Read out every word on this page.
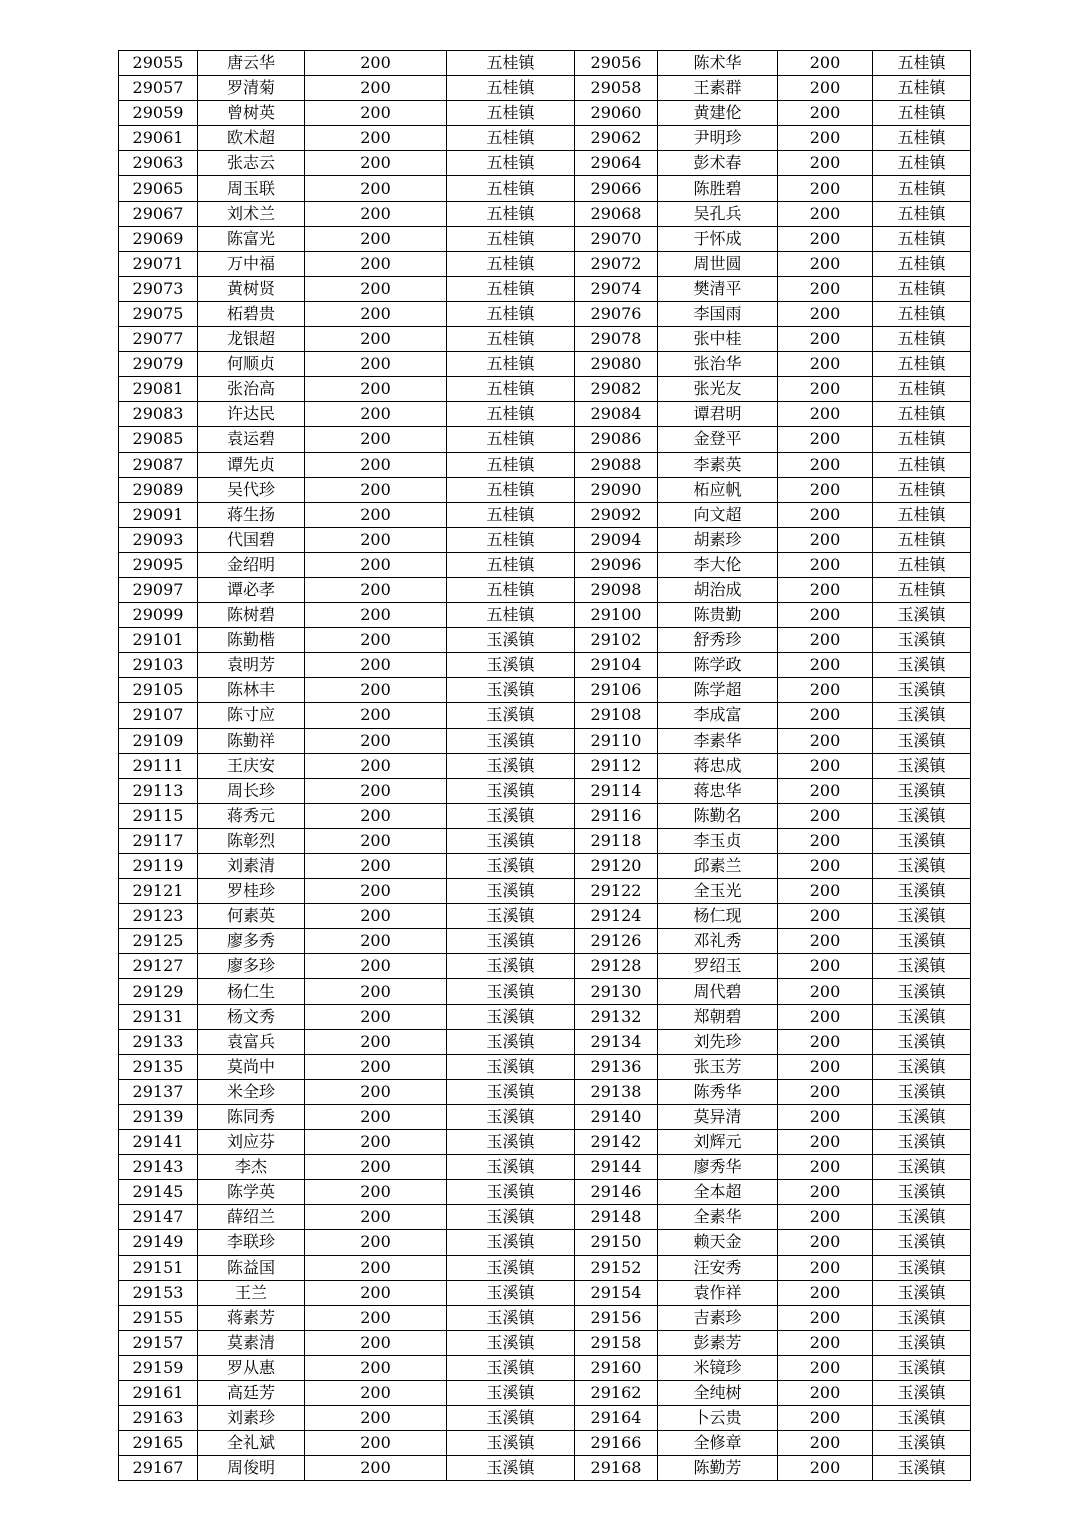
29055	唐云华	200	五桂镇	29056	陈术华	200	五桂镇
29057	罗清菊	200	五桂镇	29058	王素群	200	五桂镇
29059	曾树英	200	五桂镇	29060	黄建伦	200	五桂镇
29061	欧术超	200	五桂镇	29062	尹明珍	200	五桂镇
29063	张志云	200	五桂镇	29064	彭术春	200	五桂镇
29065	周玉联	200	五桂镇	29066	陈胜碧	200	五桂镇
29067	刘术兰	200	五桂镇	29068	吴孔兵	200	五桂镇
29069	陈富光	200	五桂镇	29070	于怀成	200	五桂镇
29071	万中福	200	五桂镇	29072	周世圆	200	五桂镇
29073	黄树贤	200	五桂镇	29074	樊清平	200	五桂镇
29075	柘碧贵	200	五桂镇	29076	李国雨	200	五桂镇
29077	龙银超	200	五桂镇	29078	张中桂	200	五桂镇
29079	何顺贞	200	五桂镇	29080	张治华	200	五桂镇
29081	张治高	200	五桂镇	29082	张光友	200	五桂镇
29083	许达民	200	五桂镇	29084	谭君明	200	五桂镇
29085	袁运碧	200	五桂镇	29086	金登平	200	五桂镇
29087	谭先贞	200	五桂镇	29088	李素英	200	五桂镇
29089	吴代珍	200	五桂镇	29090	柘应帆	200	五桂镇
29091	蒋生扬	200	五桂镇	29092	向文超	200	五桂镇
29093	代国碧	200	五桂镇	29094	胡素珍	200	五桂镇
29095	金绍明	200	五桂镇	29096	李大伦	200	五桂镇
29097	谭必孝	200	五桂镇	29098	胡治成	200	五桂镇
29099	陈树碧	200	五桂镇	29100	陈贵勤	200	玉溪镇
29101	陈勤楷	200	玉溪镇	29102	舒秀珍	200	玉溪镇
29103	袁明芳	200	玉溪镇	29104	陈学政	200	玉溪镇
29105	陈林丰	200	玉溪镇	29106	陈学超	200	玉溪镇
29107	陈寸应	200	玉溪镇	29108	李成富	200	玉溪镇
29109	陈勤祥	200	玉溪镇	29110	李素华	200	玉溪镇
29111	王庆安	200	玉溪镇	29112	蒋忠成	200	玉溪镇
29113	周长珍	200	玉溪镇	29114	蒋忠华	200	玉溪镇
29115	蒋秀元	200	玉溪镇	29116	陈勤名	200	玉溪镇
29117	陈彰烈	200	玉溪镇	29118	李玉贞	200	玉溪镇
29119	刘素清	200	玉溪镇	29120	邱素兰	200	玉溪镇
29121	罗桂珍	200	玉溪镇	29122	全玉光	200	玉溪镇
29123	何素英	200	玉溪镇	29124	杨仁现	200	玉溪镇
29125	廖多秀	200	玉溪镇	29126	邓礼秀	200	玉溪镇
29127	廖多珍	200	玉溪镇	29128	罗绍玉	200	玉溪镇
29129	杨仁生	200	玉溪镇	29130	周代碧	200	玉溪镇
29131	杨文秀	200	玉溪镇	29132	郑朝碧	200	玉溪镇
29133	袁富兵	200	玉溪镇	29134	刘先珍	200	玉溪镇
29135	莫尚中	200	玉溪镇	29136	张玉芳	200	玉溪镇
29137	米全珍	200	玉溪镇	29138	陈秀华	200	玉溪镇
29139	陈同秀	200	玉溪镇	29140	莫异清	200	玉溪镇
29141	刘应芬	200	玉溪镇	29142	刘辉元	200	玉溪镇
29143	李杰	200	玉溪镇	29144	廖秀华	200	玉溪镇
29145	陈学英	200	玉溪镇	29146	全本超	200	玉溪镇
29147	薛绍兰	200	玉溪镇	29148	全素华	200	玉溪镇
29149	李联珍	200	玉溪镇	29150	赖天金	200	玉溪镇
29151	陈益国	200	玉溪镇	29152	汪安秀	200	玉溪镇
29153	王兰	200	玉溪镇	29154	袁作祥	200	玉溪镇
29155	蒋素芳	200	玉溪镇	29156	吉素珍	200	玉溪镇
29157	莫素清	200	玉溪镇	29158	彭素芳	200	玉溪镇
29159	罗从惠	200	玉溪镇	29160	米镜珍	200	玉溪镇
29161	高廷芳	200	玉溪镇	29162	全纯树	200	玉溪镇
29163	刘素珍	200	玉溪镇	29164	卜云贵	200	玉溪镇
29165	全礼斌	200	玉溪镇	29166	全修章	200	玉溪镇
29167	周俊明	200	玉溪镇	29168	陈勤芳	200	玉溪镇
